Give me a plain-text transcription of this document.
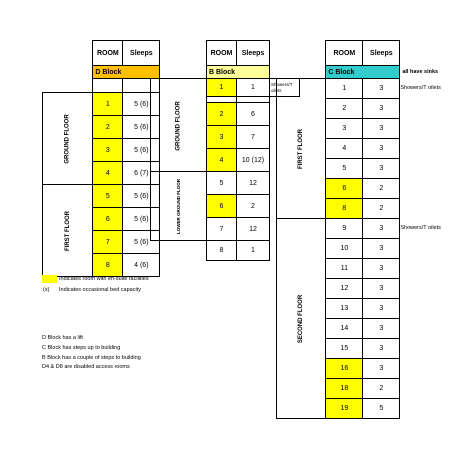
	ROOM	Sleeps
	D Block	

GROUND FLOOR	1	5 (6)
	2	5 (6)
	3	5 (6)
	4	6 (7)
FIRST FLOOR	5	5 (6)
	6	5 (6)
	7	5 (6)
	8	4 (6)
	ROOM	Sleeps	
	B Block		
GROUND FLOOR	1	1	Showers/T oilets

	2	6	
	3	7	
	4	10 (12)	
LOWER GROUND FLOOR	5	12	
	6	2	
	7	12	
	8	1	
	ROOM	Sleeps	
	C Block		all have sinks
FIRST FLOOR	1	3	Showers/T oilets
	2	3	
	3	3	
	4	3	
	5	3	
	6	2	
	8	2	
SECOND FLOOR	9	3	Showers/T oilets
	10	3	
	11	3	
	12	3	
	13	3	
	14	3	
	15	3	
	16	3	
	18	2	
	19	5	
Indicates room with en-suite facilities
(x) Indicates occasional bed capacity
D Block has a lift
C Block has steps up to building
B Block has a couple of steps to building
D4 & D8 are disabled access rooms
